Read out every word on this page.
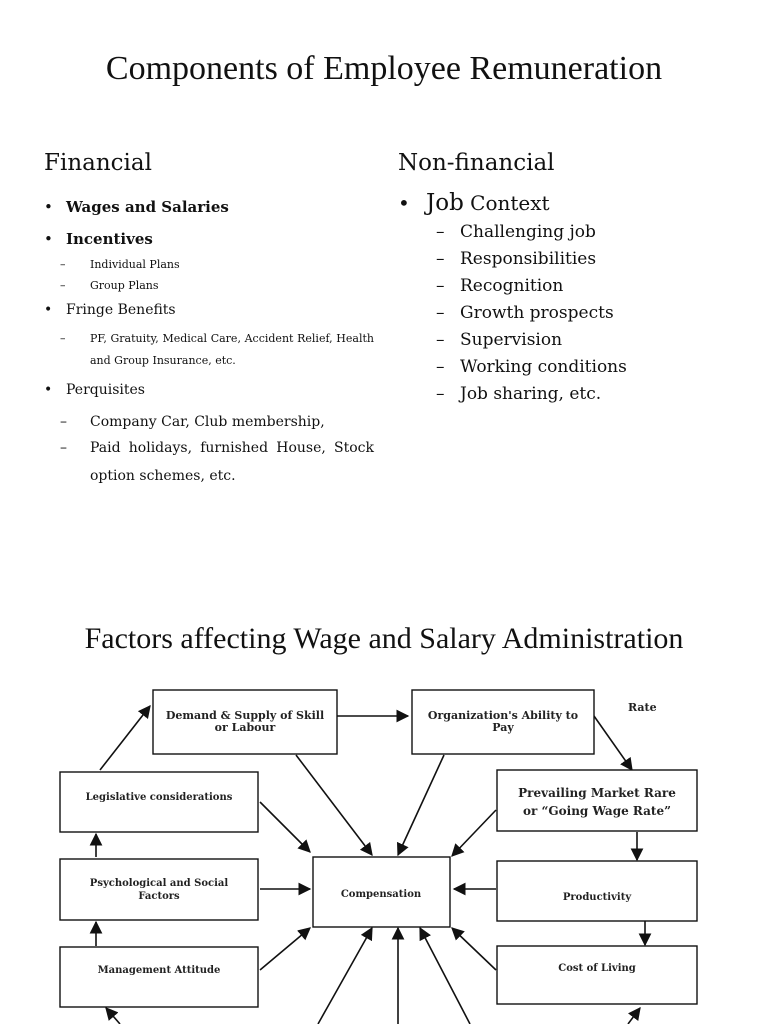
Components of Employee Remuneration
Financial	Non-financial
• Wages and Salaries
• Incentives
–	Individual Plans
–	Group Plans
• Fringe Benefits
–	PF, Gratuity, Medical Care, Accident Relief, Health and Group Insurance, etc.
• Perquisites
–	Company Car, Club membership,
–	Paid holidays, furnished House, Stock option schemes, etc.
• Job Context
– Challenging job
– Responsibilities
– Recognition
– Growth prospects
– Supervision
– Working conditions
– Job sharing, etc.
Factors affecting Wage and Salary Administration
Demand & Supply of Skill
or Labour
Organization's Ability to
Pay
Rate
Legislative considerations	Prevailing Market Rare
or “Going Wage Rate”
Psychological and Social
Factors	Compensation	Productivity
Management Attitude	Cost of Living
